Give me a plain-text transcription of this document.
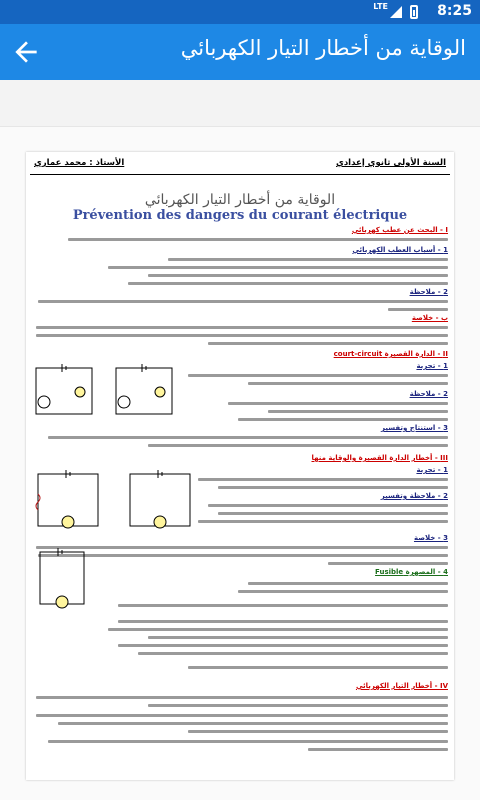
LTE	8:25
الوقاية من أخطار التيار الكهربائي
السنة الأولى ثانوي إعدادي
الأستاذ : محمد عماري
الوقاية من أخطار التيار الكهربائي
Prévention des dangers du courant électrique
I - البحث عن عطب كهربائي
1 - أسباب العطب الكهربائي
2 - ملاحظة
ب - خلاصة
II - الدارة القصيرة court-circuit
1 - تجربة
2 - ملاحظة
3 - استنتاج وتفسير
III - أخطار الدارة القصيرة والوقاية منها
1 - تجربة
2 - ملاحظة وتفسير
3 - خلاصة
4 - المصهرة Fusible
IV - أخطار التيار الكهربائي
